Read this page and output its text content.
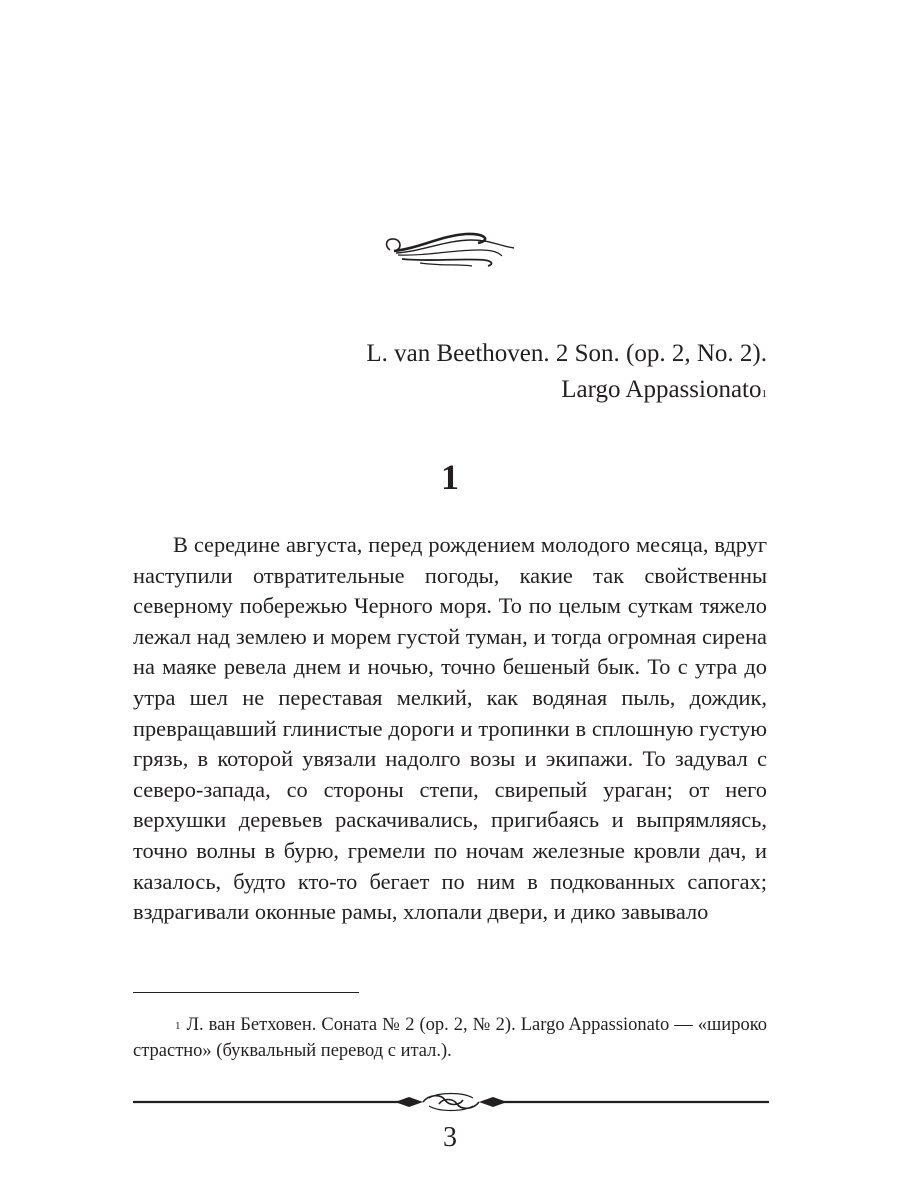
L. van Beethoven. 2 Son. (op. 2, No. 2).
Largo Appassionato$^1$
1

В середине августа, перед рождением молодого месяца, вдруг наступили отвратительные погоды, какие так свойственны северному побережью Черного моря. То по целым суткам тяжело лежал над землею и морем густой туман, и тогда огромная сирена на маяке ревела днем и ночью, точно бешеный бык. То с утра до утра шел не переставая мелкий, как водяная пыль, дождик, превращавший глинистые дороги и тропинки в сплошную густую грязь, в которой увязали надолго возы и экипажи. То задувал с северо-запада, со стороны степи, свирепый ураган; от него верхушки деревьев раскачивались, пригибаясь и выпрямляясь, точно волны в бурю, гремели по ночам железные кровли дач, и казалось, будто кто-то бегает по ним в подкованных сапогах; вздрагивали оконные рамы, хлопали двери, и дико завывало

$^1$ Л. ван Бетховен. Соната № 2 (ор. 2, № 2). Largo Appassionato — «широко страстно» (буквальный перевод с итал.).

3
